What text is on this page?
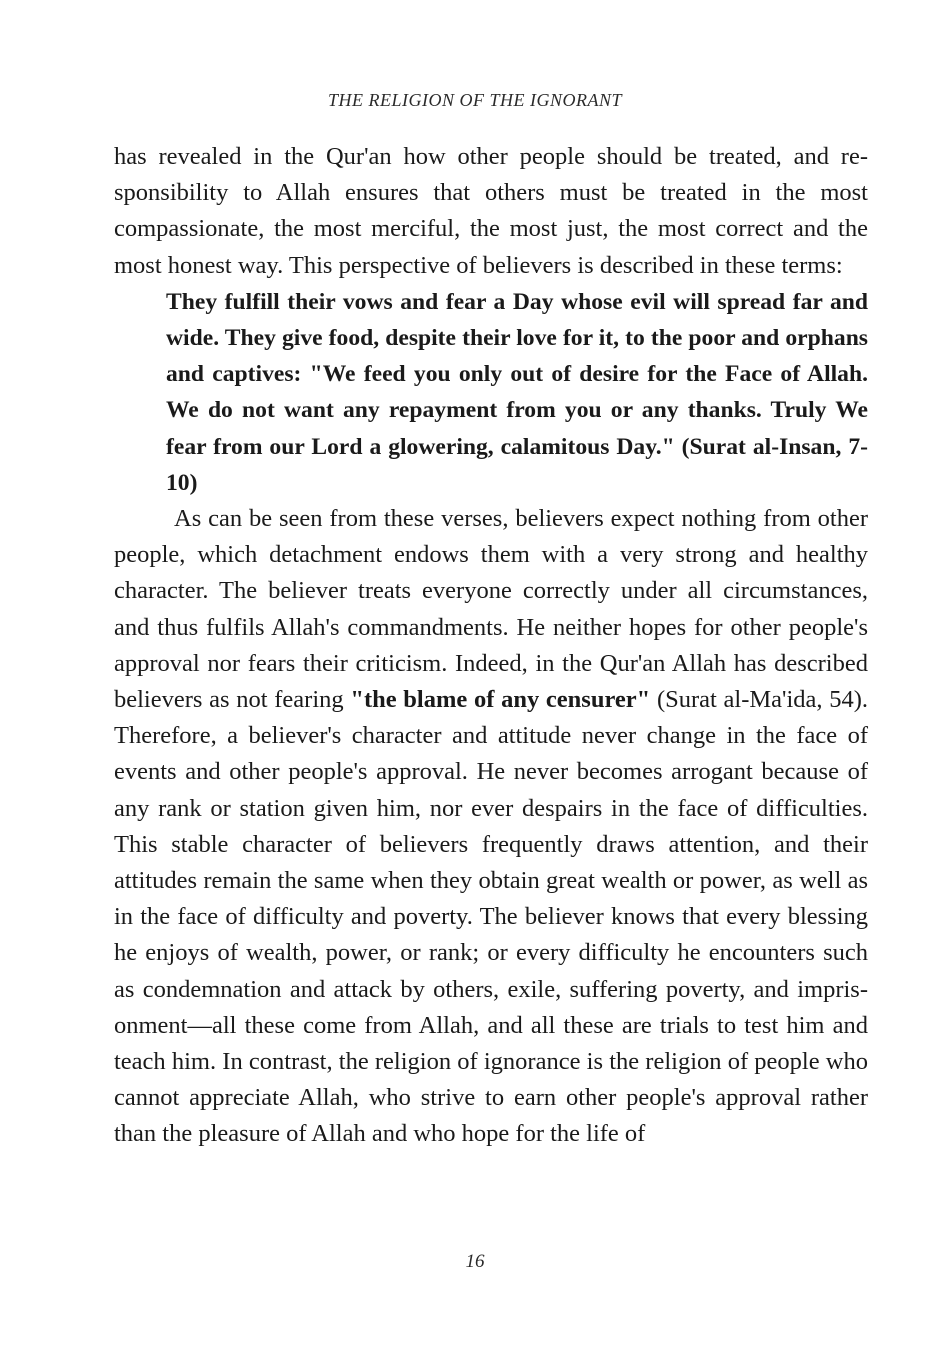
THE RELIGION OF THE IGNORANT

has revealed in the Qur'an how other people should be treated, and responsibility to Allah ensures that others must be treated in the most compassionate, the most merciful, the most just, the most correct and the most honest way. This perspective of believers is described in these terms:

They fulfill their vows and fear a Day whose evil will spread far and wide. They give food, despite their love for it, to the poor and orphans and captives: "We feed you only out of desire for the Face of Allah. We do not want any repayment from you or any thanks. Truly We fear from our Lord a glowering, calamitous Day." (Surat al-Insan, 7-10)

As can be seen from these verses, believers expect nothing from other people, which detachment endows them with a very strong and healthy character. The believer treats everyone correctly under all circumstances, and thus fulfils Allah's commandments. He neither hopes for other people's approval nor fears their criticism. Indeed, in the Qur'an Allah has described believers as not fearing "the blame of any censurer" (Surat al-Ma'ida, 54). Therefore, a believer's character and attitude never change in the face of events and other people's approval. He never becomes arrogant because of any rank or station given him, nor ever despairs in the face of difficulties. This stable character of believers frequently draws attention, and their attitudes remain the same when they obtain great wealth or power, as well as in the face of difficulty and poverty. The believer knows that every blessing he enjoys of wealth, power, or rank; or every difficulty he encounters such as condemnation and attack by others, exile, suffering poverty, and imprisonment—all these come from Allah, and all these are trials to test him and teach him. In contrast, the religion of ignorance is the religion of people who cannot appreciate Allah, who strive to earn other people's approval rather than the pleasure of Allah and who hope for the life of

16
